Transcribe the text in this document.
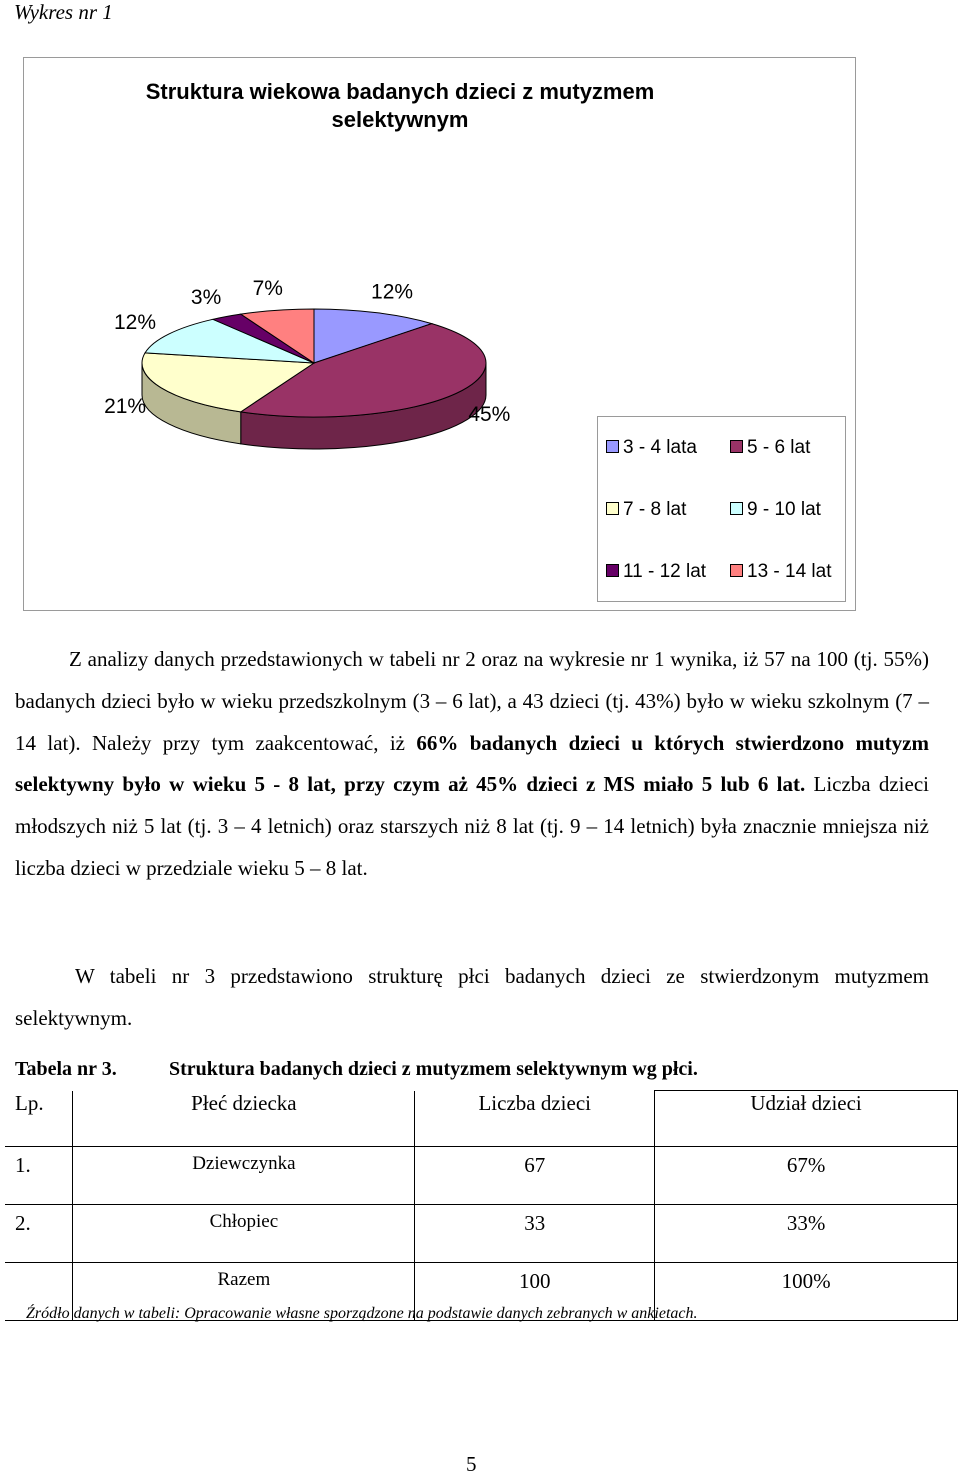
Wykres nr 1
Struktura wiekowa badanych dzieci z mutyzmem
selektywnym
12%
45%
21%
12%
3% 7%
3 - 4 lata	5 - 6 lat
7 - 8 lat	9 - 10 lat
11 - 12 lat	13 - 14 lat

Z analizy danych przedstawionych w tabeli nr 2 oraz na wykresie nr 1 wynika, iż 57 na 100 (tj. 55%) badanych dzieci było w wieku przedszkolnym (3 – 6 lat), a 43 dzieci (tj. 43%) było w wieku szkolnym (7 – 14 lat). Należy przy tym zaakcentować, iż 66% badanych dzieci u których stwierdzono mutyzm selektywny było w wieku 5 - 8 lat, przy czym aż 45% dzieci z MS miało 5 lub 6 lat. Liczba dzieci młodszych niż 5 lat (tj. 3 – 4 letnich) oraz starszych niż 8 lat (tj. 9 – 14 letnich) była znacznie mniejsza niż liczba dzieci w przedziale wieku 5 – 8 lat.

W tabeli nr 3 przedstawiono strukturę płci badanych dzieci ze stwierdzonym mutyzmem selektywnym.

Tabela nr 3.	Struktura badanych dzieci z mutyzmem selektywnym wg płci.
Lp.	Płeć dziecka	Liczba dzieci	Udział dzieci
1.	Dziewczynka	67	67%
2.	Chłopiec	33	33%
	Razem	100	100%
Źródło danych w tabeli: Opracowanie własne sporządzone na podstawie danych zebranych w ankietach.
5
